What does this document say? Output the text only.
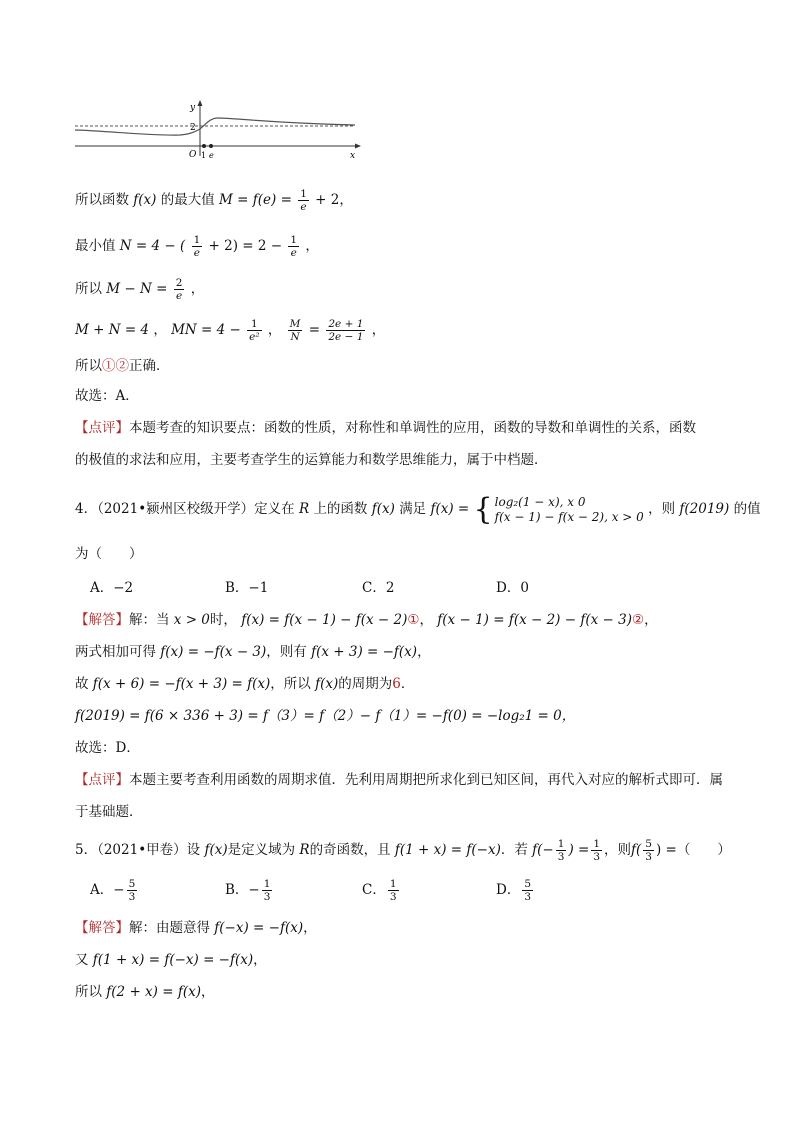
y
x
2
O 1 e
所以函数 f(x) 的最大值 $M = f(e) = \frac{1}{e} + 2$，
最小值 N = 4 − ( $\frac{1}{e} + 2) = 2 - \frac{1}{e}$ ，
所以 $M - N = \frac{2}{e}$ ，
M + N = 4 ， MN = $4 - \frac{1}{\text{e²}}$ ， $\frac{M}{N} = \frac{2e + 1}{2e - 1}$ ，
所以①②正确．
故选：A．
【点评】本题考查的知识要点：函数的性质，对称性和单调性的应用，函数的导数和单调性的关系，函数
的极值的求法和应用，主要考查学生的运算能力和数学思维能力，属于中档题．
4．（2021•颍州区校级开学）定义在 R 上的函数 f(x) 满足 f(x) = { log₂(1 − x), x 0
f(x − 1) − f(x − 2), x > 0 ，则 f(2019) 的值
为（　　）
A．−2	B．−1	C．2	D．0
【解答】解：当 x > 0时， f(x) = f(x − 1) − f(x − 2)①， f(x − 1) = f(x − 2) − f(x − 3)②，
两式相加可得 f(x) = −f(x − 3)，则有 f(x + 3) = −f(x)，
故 f(x + 6) = −f(x + 3) = f(x)，所以 f(x)的周期为6．
f(2019) = f(6 × 336 + 3) = f（3）= f（2）− f（1）= −f(0) = −log₂1 = 0，
故选：D．
【点评】本题主要考查利用函数的周期求值．先利用周期把所求化到已知区间，再代入对应的解析式即可．属
于基础题．
5．（2021•甲卷）设 f(x)是定义域为 R的奇函数，且 f(1 + x) = f(−x)．若 $f(- \frac{1}{3}$ ) = $\frac{1}{3}$ ，则$f( \frac{5}{3}$ ) =（　　）
A．− $\frac{5}{3}$	B．− $\frac{1}{3}$	C． $\frac{1}{3}$	D． $\frac{5}{3}$
【解答】解：由题意得 f(−x) = −f(x)，
又 f(1 + x) = f(−x) = −f(x)，
所以 f(2 + x) = f(x)，
